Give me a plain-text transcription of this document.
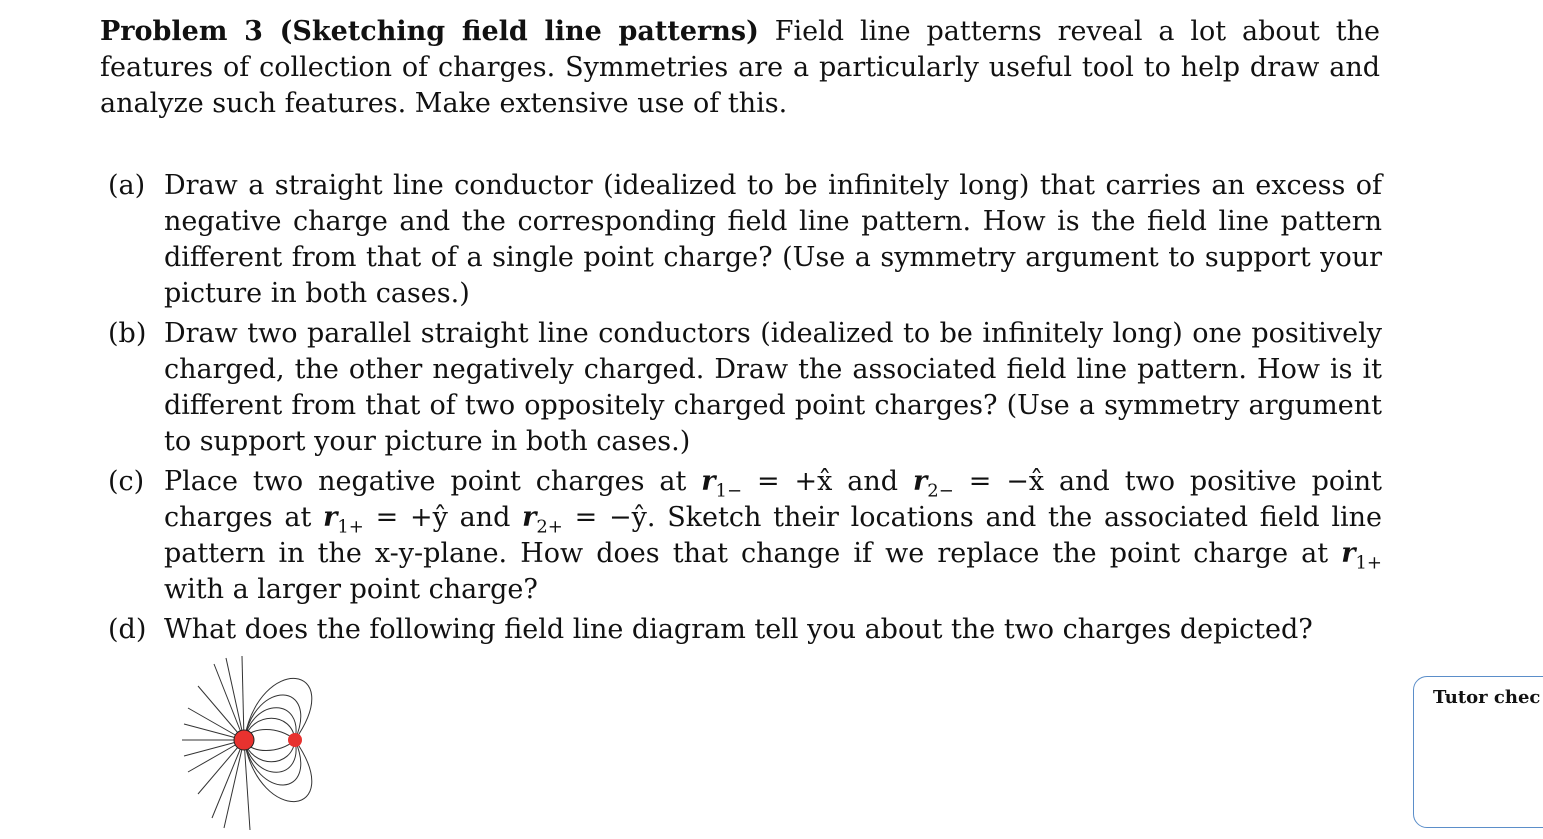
Problem 3 (Sketching field line patterns) Field line patterns reveal a lot about the features of collection of charges. Symmetries are a particularly useful tool to help draw and analyze such features. Make extensive use of this.
(a) Draw a straight line conductor (idealized to be infinitely long) that carries an excess of negative charge and the corresponding field line pattern. How is the field line pattern different from that of a single point charge? (Use a symmetry argument to support your picture in both cases.)
(b) Draw two parallel straight line conductors (idealized to be infinitely long) one positively charged, the other negatively charged. Draw the associated field line pattern. How is it different from that of two oppositely charged point charges? (Use a symmetry argument to support your picture in both cases.)
(c) Place two negative point charges at $r_{1-}$ = +x̂ and $r_{2-}$ = −x̂ and two positive point charges at $r_{1+}$ = +ŷ and $r_{2+}$ = −ŷ. Sketch their locations and the associated field line pattern in the x-y-plane. How does that change if we replace the point charge at $r_{1+}$ with a larger point charge?
(d) What does the following field line diagram tell you about the two charges depicted?
Tutor chec
